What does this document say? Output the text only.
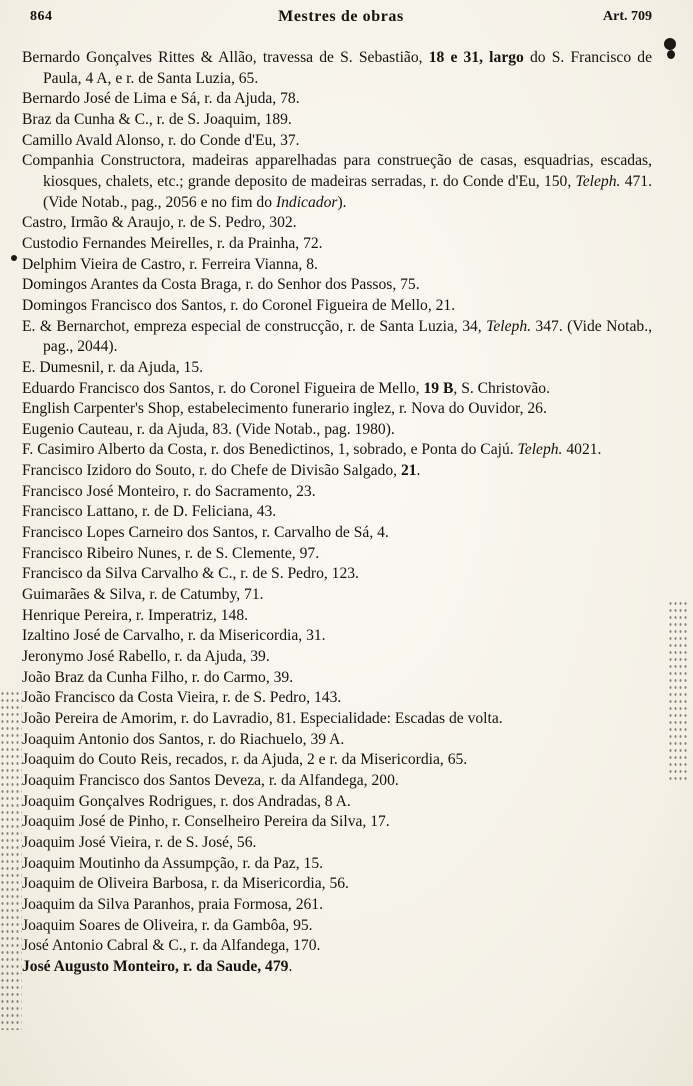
864	Mestres de obras	Art. 709
Bernardo Gonçalves Rittes & Allão, travessa de S. Sebastião, 18 e 31, largo do S. Francisco de Paula, 4 A, e r. de Santa Luzia, 65.
Bernardo José de Lima e Sá, r. da Ajuda, 78.
Braz da Cunha & C., r. de S. Joaquim, 189.
Camillo Avald Alonso, r. do Conde d'Eu, 37.
Companhia Constructora, madeiras apparelhadas para construeção de casas, esquadrias, escadas, kiosques, chalets, etc.; grande deposito de madeiras serradas, r. do Conde d'Eu, 150, Teleph. 471. (Vide Notab., pag., 2056 e no fim do Indicador).
Castro, Irmão & Araujo, r. de S. Pedro, 302.
Custodio Fernandes Meirelles, r. da Prainha, 72.
Delphim Vieira de Castro, r. Ferreira Vianna, 8.
Domingos Arantes da Costa Braga, r. do Senhor dos Passos, 75.
Domingos Francisco dos Santos, r. do Coronel Figueira de Mello, 21.
E. & Bernarchot, empreza especial de construcção, r. de Santa Luzia, 34, Teleph. 347. (Vide Notab., pag., 2044).
E. Dumesnil, r. da Ajuda, 15.
Eduardo Francisco dos Santos, r. do Coronel Figueira de Mello, 19 B, S. Christovão.
English Carpenter's Shop, estabelecimento funerario inglez, r. Nova do Ouvidor, 26.
Eugenio Cauteau, r. da Ajuda, 83. (Vide Notab., pag. 1980).
F. Casimiro Alberto da Costa, r. dos Benedictinos, 1, sobrado, e Ponta do Cajú. Teleph. 4021.
Francisco Izidoro do Souto, r. do Chefe de Divisão Salgado, 21.
Francisco José Monteiro, r. do Sacramento, 23.
Francisco Lattano, r. de D. Feliciana, 43.
Francisco Lopes Carneiro dos Santos, r. Carvalho de Sá, 4.
Francisco Ribeiro Nunes, r. de S. Clemente, 97.
Francisco da Silva Carvalho & C., r. de S. Pedro, 123.
Guimarães & Silva, r. de Catumby, 71.
Henrique Pereira, r. Imperatriz, 148.
Izaltino José de Carvalho, r. da Misericordia, 31.
Jeronymo José Rabello, r. da Ajuda, 39.
João Braz da Cunha Filho, r. do Carmo, 39.
João Francisco da Costa Vieira, r. de S. Pedro, 143.
João Pereira de Amorim, r. do Lavradio, 81. Especialidade: Escadas de volta.
Joaquim Antonio dos Santos, r. do Riachuelo, 39 A.
Joaquim do Couto Reis, recados, r. da Ajuda, 2 e r. da Misericordia, 65.
Joaquim Francisco dos Santos Deveza, r. da Alfandega, 200.
Joaquim Gonçalves Rodrigues, r. dos Andradas, 8 A.
Joaquim José de Pinho, r. Conselheiro Pereira da Silva, 17.
Joaquim José Vieira, r. de S. José, 56.
Joaquim Moutinho da Assumpção, r. da Paz, 15.
Joaquim de Oliveira Barbosa, r. da Misericordia, 56.
Joaquim da Silva Paranhos, praia Formosa, 261.
Joaquim Soares de Oliveira, r. da Gambôa, 95.
José Antonio Cabral & C., r. da Alfandega, 170.
José Augusto Monteiro, r. da Saude, 479.
